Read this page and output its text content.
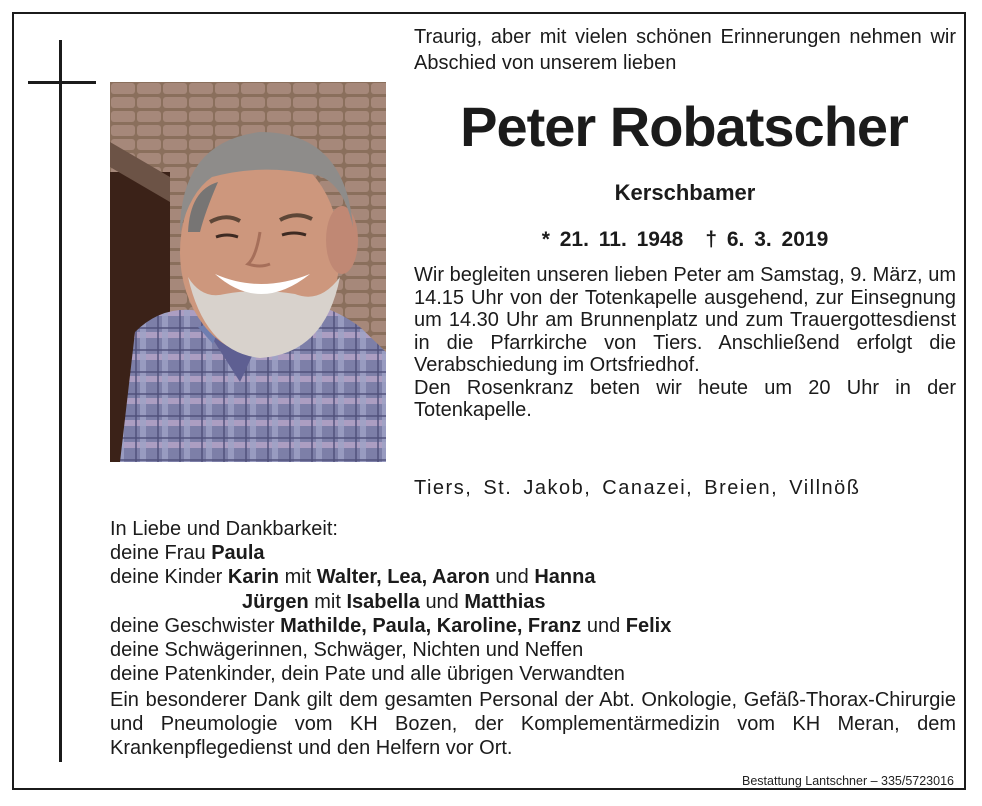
Traurig, aber mit vielen schönen Erinnerungen nehmen wir Abschied von unserem lieben
Peter Robatscher
Kerschbamer
* 21. 11. 1948 † 6. 3. 2019

Wir begleiten unseren lieben Peter am Samstag, 9. März, um 14.15 Uhr von der Totenkapelle ausgehend, zur Einsegnung um 14.30 Uhr am Brunnenplatz und zum Trauergottesdienst in die Pfarrkirche von Tiers. Anschließend erfolgt die Verabschiedung im Ortsfriedhof.

Den Rosenkranz beten wir heute um 20 Uhr in der Totenkapelle.

Tiers, St. Jakob, Canazei, Breien, Villnöß
In Liebe und Dankbarkeit:
deine Frau Paula
deine Kinder Karin mit Walter, Lea, Aaron und Hanna
Jürgen mit Isabella und Matthias
deine Geschwister Mathilde, Paula, Karoline, Franz und Felix
deine Schwägerinnen, Schwäger, Nichten und Neffen
deine Patenkinder, dein Pate und alle übrigen Verwandten
Ein besonderer Dank gilt dem gesamten Personal der Abt. Onkologie, Gefäß-Thorax-Chirurgie und Pneumologie vom KH Bozen, der Komplementärmedizin vom KH Meran, dem Krankenpflegedienst und den Helfern vor Ort.
Bestattung Lantschner – 335/5723016
